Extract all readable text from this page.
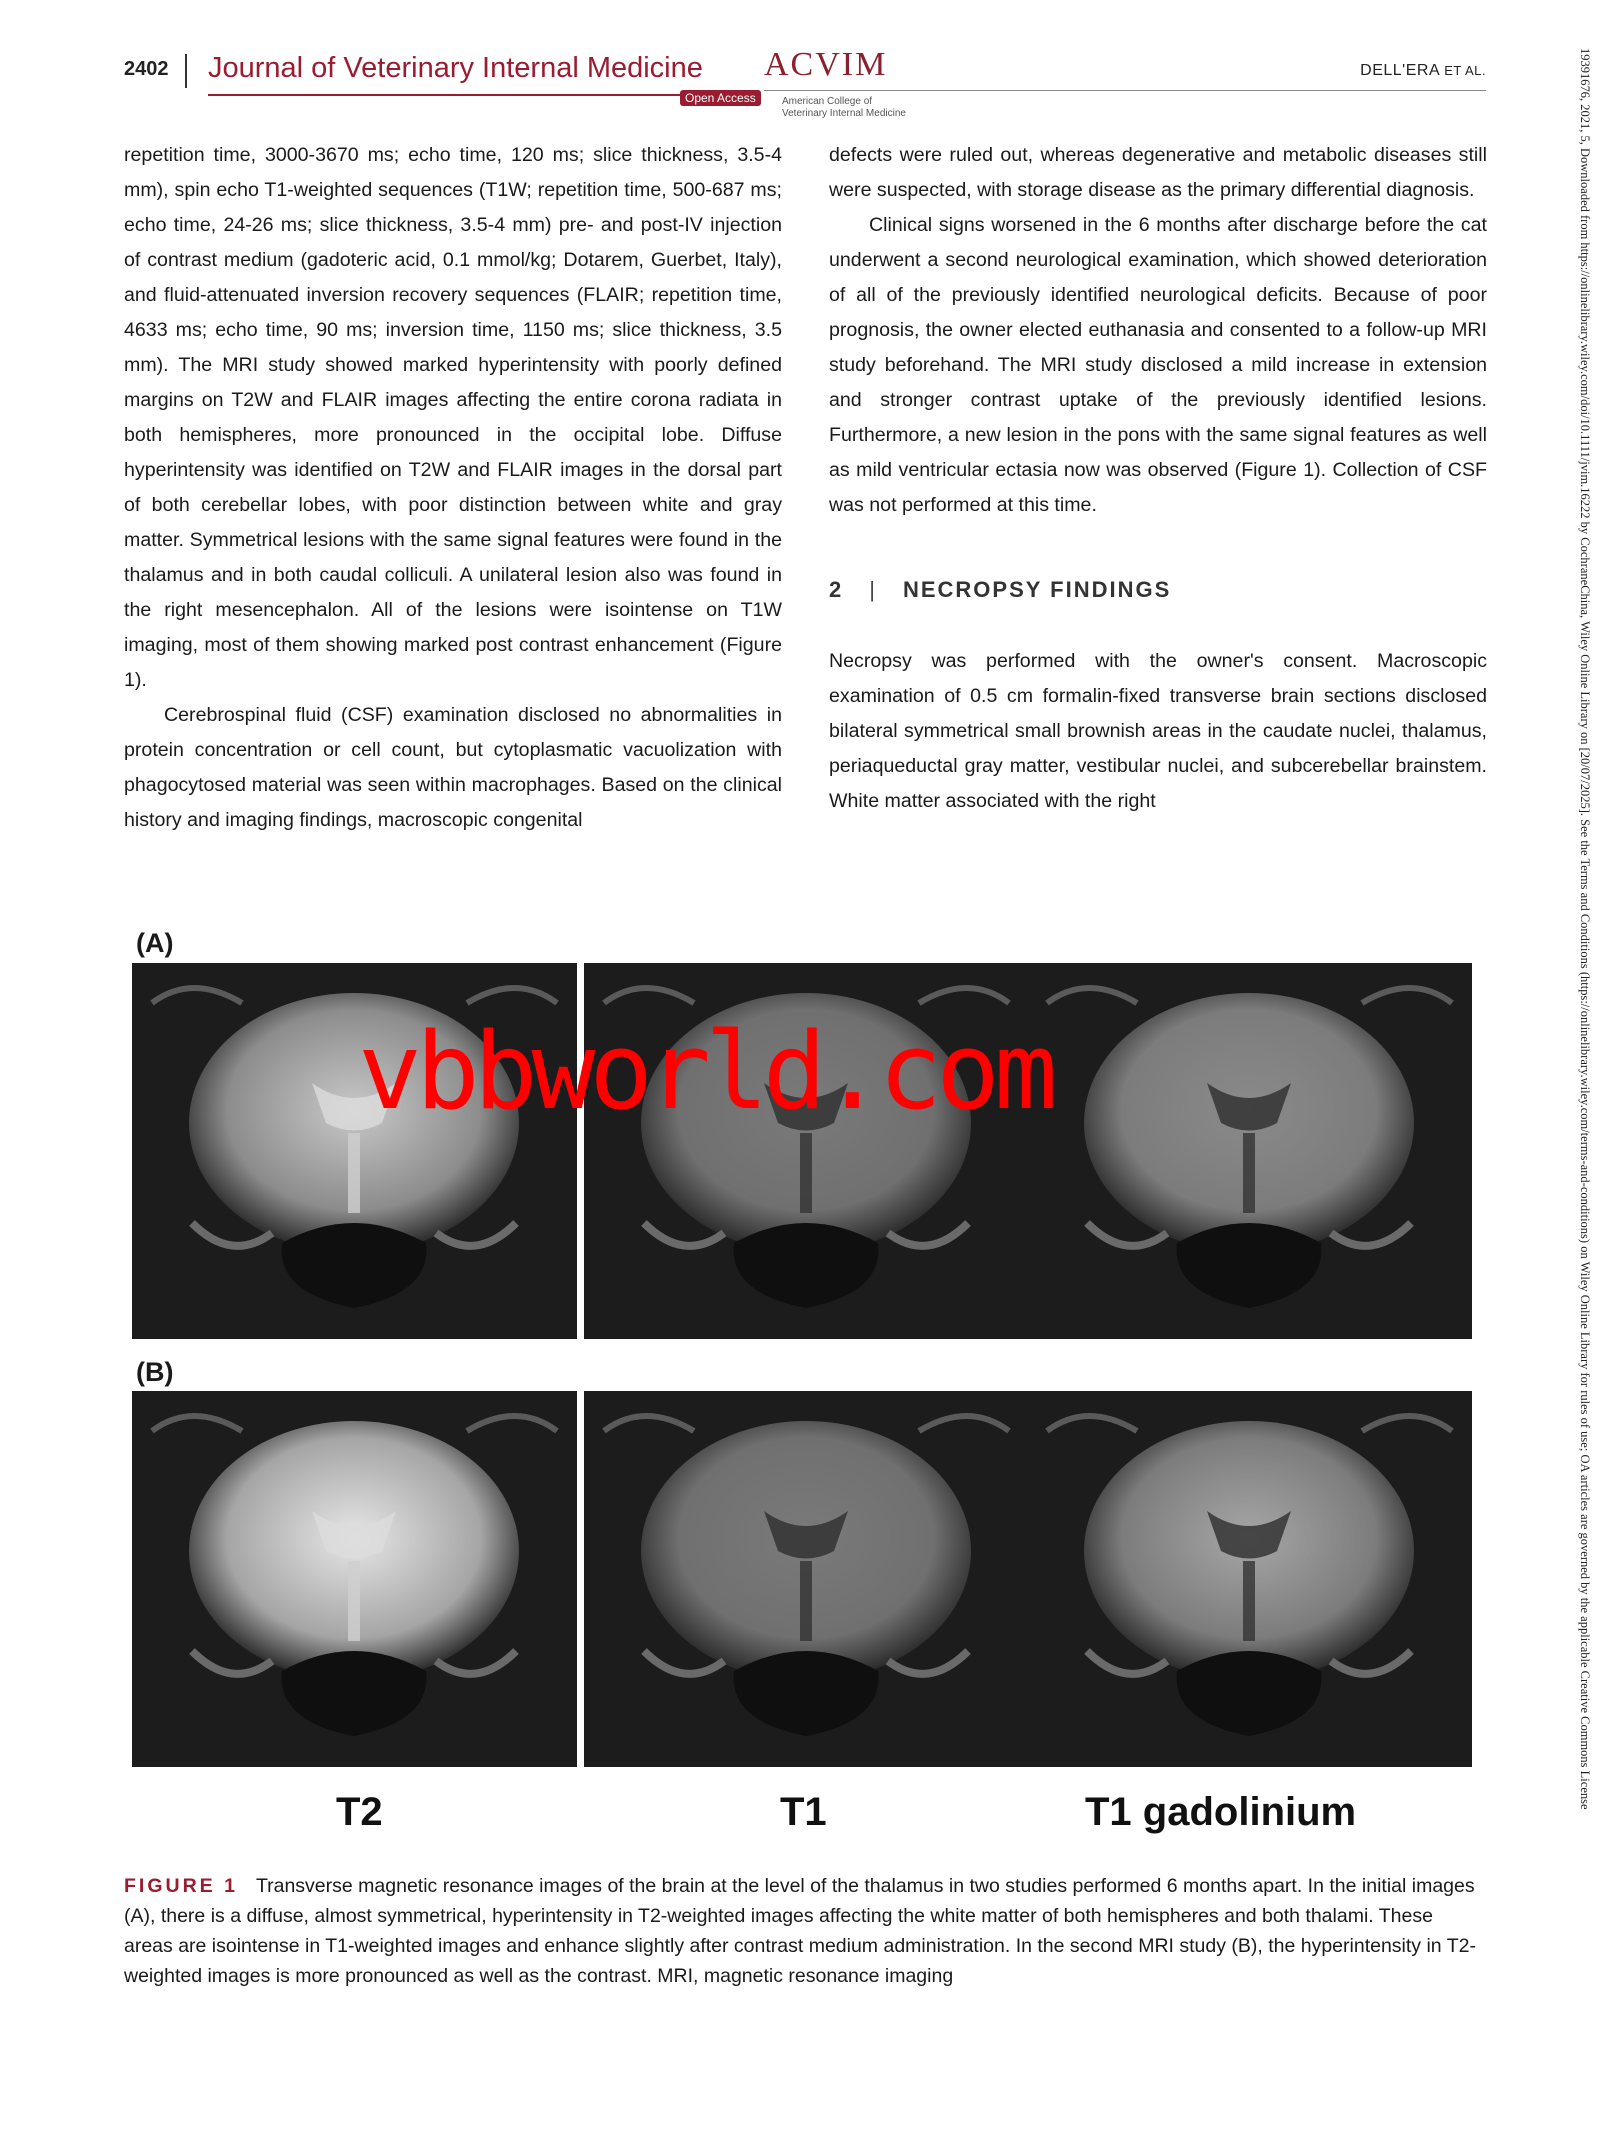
2402 Journal of Veterinary Internal Medicine
Open Access
ACVIM
American College of
Veterinary Internal Medicine
DELL'ERA ET AL.

repetition time, 3000-3670 ms; echo time, 120 ms; slice thickness, 3.5-4 mm), spin echo T1-weighted sequences (T1W; repetition time, 500-687 ms; echo time, 24-26 ms; slice thickness, 3.5-4 mm) pre- and post-IV injection of contrast medium (gadoteric acid, 0.1 mmol/kg; Dotarem, Guerbet, Italy), and fluid-attenuated inversion recovery sequences (FLAIR; repetition time, 4633 ms; echo time, 90 ms; inversion time, 1150 ms; slice thickness, 3.5 mm). The MRI study showed marked hyperintensity with poorly defined margins on T2W and FLAIR images affecting the entire corona radiata in both hemispheres, more pronounced in the occipital lobe. Diffuse hyperintensity was identified on T2W and FLAIR images in the dorsal part of both cerebellar lobes, with poor distinction between white and gray matter. Symmetrical lesions with the same signal features were found in the thalamus and in both caudal colliculi. A unilateral lesion also was found in the right mesencephalon. All of the lesions were isointense on T1W imaging, most of them showing marked post contrast enhancement (Figure 1).

Cerebrospinal fluid (CSF) examination disclosed no abnormalities in protein concentration or cell count, but cytoplasmatic vacuolization with phagocytosed material was seen within macrophages. Based on the clinical history and imaging findings, macroscopic congenital

defects were ruled out, whereas degenerative and metabolic diseases still were suspected, with storage disease as the primary differential diagnosis.

Clinical signs worsened in the 6 months after discharge before the cat underwent a second neurological examination, which showed deterioration of all of the previously identified neurological deficits. Because of poor prognosis, the owner elected euthanasia and consented to a follow-up MRI study beforehand. The MRI study disclosed a mild increase in extension and stronger contrast uptake of the previously identified lesions. Furthermore, a new lesion in the pons with the same signal features as well as mild ventricular ectasia now was observed (Figure 1). Collection of CSF was not performed at this time.

2 | NECROPSY FINDINGS

Necropsy was performed with the owner's consent. Macroscopic examination of 0.5 cm formalin-fixed transverse brain sections disclosed bilateral symmetrical small brownish areas in the caudate nuclei, thalamus, periaqueductal gray matter, vestibular nuclei, and subcerebellar brainstem. White matter associated with the right

(A)
(B)
vbbworld.com
T2	T1	T1 gadolinium
FIGURE 1 Transverse magnetic resonance images of the brain at the level of the thalamus in two studies performed 6 months apart. In the initial images (A), there is a diffuse, almost symmetrical, hyperintensity in T2-weighted images affecting the white matter of both hemispheres and both thalami. These areas are isointense in T1-weighted images and enhance slightly after contrast medium administration. In the second MRI study (B), the hyperintensity in T2-weighted images is more pronounced as well as the contrast. MRI, magnetic resonance imaging
19391676, 2021, 5, Downloaded from https://onlinelibrary.wiley.com/doi/10.1111/jvim.16222 by CochraneChina, Wiley Online Library on [20/07/2025]. See the Terms and Conditions (https://onlinelibrary.wiley.com/terms-and-conditions) on Wiley Online Library for rules of use; OA articles are governed by the applicable Creative Commons License
